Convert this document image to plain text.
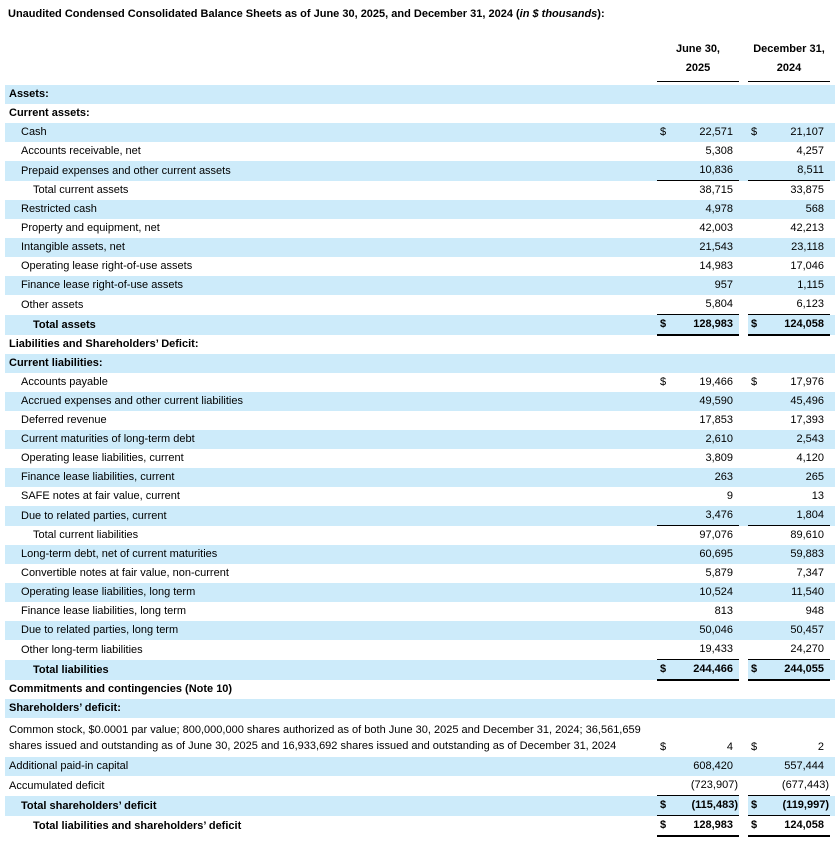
Unaudited Condensed Consolidated Balance Sheets as of June 30, 2025, and December 31, 2024 (in $ thousands):

June 30,
2025

December 31,
2024

Assets:						
Current assets:						
Cash	$	22,571		$	21,107	
Accounts receivable, net		5,308			4,257	
Prepaid expenses and other current assets		10,836			8,511	
Total current assets		38,715			33,875	
Restricted cash		4,978			568	
Property and equipment, net		42,003			42,213	
Intangible assets, net		21,543			23,118	
Operating lease right-of-use assets		14,983			17,046	
Finance lease right-of-use assets		957			1,115	
Other assets		5,804			6,123	
Total assets	$	128,983		$	124,058	
Liabilities and Shareholders’ Deficit:						
Current liabilities:						
Accounts payable	$	19,466		$	17,976	
Accrued expenses and other current liabilities		49,590			45,496	
Deferred revenue		17,853			17,393	
Current maturities of long-term debt		2,610			2,543	
Operating lease liabilities, current		3,809			4,120	
Finance lease liabilities, current		263			265	
SAFE notes at fair value, current		9			13	
Due to related parties, current		3,476			1,804	
Total current liabilities		97,076			89,610	
Long-term debt, net of current maturities		60,695			59,883	
Convertible notes at fair value, non-current		5,879			7,347	
Operating lease liabilities, long term		10,524			11,540	
Finance lease liabilities, long term		813			948	
Due to related parties, long term		50,046			50,457	
Other long-term liabilities		19,433			24,270	
Total liabilities	$	244,466		$	244,055	
Commitments and contingencies (Note 10)						
Shareholders’ deficit:						
Common stock, $0.0001 par value; 800,000,000 shares authorized as of both June 30, 2025 and December 31, 2024; 36,561,659 shares issued and outstanding as of June 30, 2025 and 16,933,692 shares issued and outstanding as of December 31, 2024	$	4		$	2	
Additional paid-in capital		608,420			557,444	
Accumulated deficit		(723,907)			(677,443)	
Total shareholders’ deficit	$	(115,483)		$	(119,997)	
Total liabilities and shareholders’ deficit	$	128,983		$	124,058	
